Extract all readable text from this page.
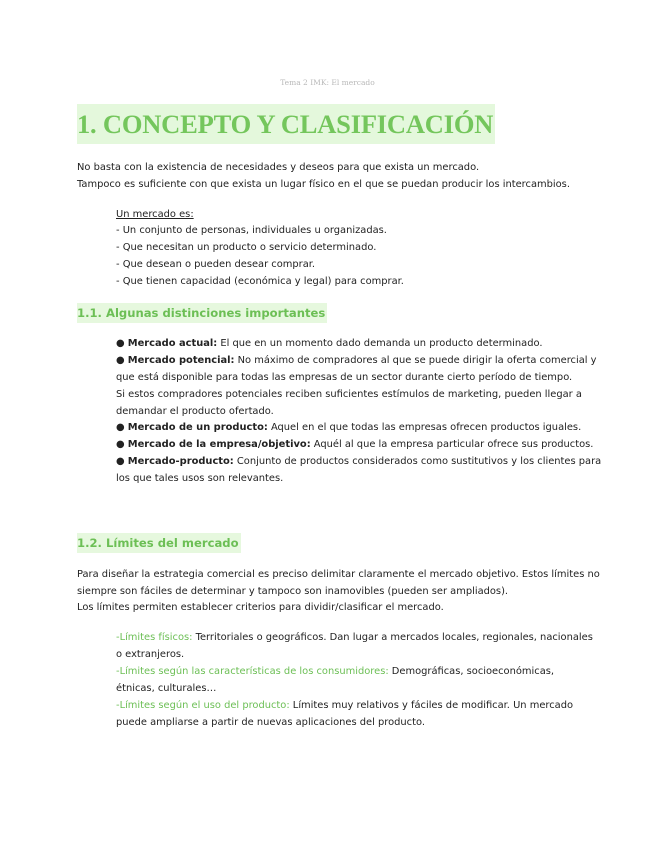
Tema 2 IMK: El mercado
1. CONCEPTO Y CLASIFICACIÓN
No basta con la existencia de necesidades y deseos para que exista un mercado.
Tampoco es suficiente con que exista un lugar físico en el que se puedan producir los intercambios.
Un mercado es:
- Un conjunto de personas, individuales u organizadas.
- Que necesitan un producto o servicio determinado.
- Que desean o pueden desear comprar.
- Que tienen capacidad (económica y legal) para comprar.
1.1. Algunas distinciones importantes
● Mercado actual: El que en un momento dado demanda un producto determinado.
● Mercado potencial: No máximo de compradores al que se puede dirigir la oferta comercial y
que está disponible para todas las empresas de un sector durante cierto período de tiempo.
Si estos compradores potenciales reciben suficientes estímulos de marketing, pueden llegar a
demandar el producto ofertado.
● Mercado de un producto: Aquel en el que todas las empresas ofrecen productos iguales.
● Mercado de la empresa/objetivo: Aquél al que la empresa particular ofrece sus productos.
● Mercado-producto: Conjunto de productos considerados como sustitutivos y los clientes para
los que tales usos son relevantes.
1.2. Límites del mercado
Para diseñar la estrategia comercial es preciso delimitar claramente el mercado objetivo. Estos límites no
siempre son fáciles de determinar y tampoco son inamovibles (pueden ser ampliados).
Los límites permiten establecer criterios para dividir/clasificar el mercado.
-Límites físicos: Territoriales o geográficos. Dan lugar a mercados locales, regionales, nacionales
o extranjeros.
-Límites según las características de los consumidores: Demográficas, socioeconómicas,
étnicas, culturales…
-Límites según el uso del producto: Límites muy relativos y fáciles de modificar. Un mercado
puede ampliarse a partir de nuevas aplicaciones del producto.
